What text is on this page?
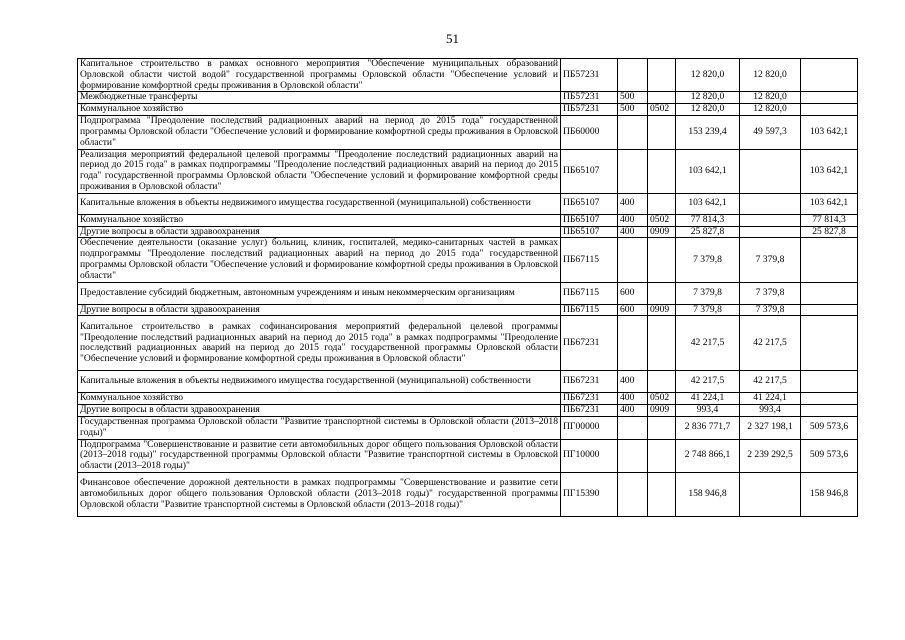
51
Капитальное строительство в рамках основного мероприятия "Обеспечение муниципальных образований Орловской области чистой водой" государственной программы Орловской области "Обеспечение условий и формирование комфортной среды проживания в Орловской области"	ПБ57231			12 820,0	12 820,0	
Межбюджетные трансферты	ПБ57231	500		12 820,0	12 820,0	
Коммунальное хозяйство	ПБ57231	500	0502	12 820,0	12 820,0	
Подпрограмма "Преодоление последствий радиационных аварий на период до 2015 года" государственной программы Орловской области "Обеспечение условий и формирование комфортной среды проживания в Орловской области"	ПБ60000			153 239,4	49 597,3	103 642,1
Реализация мероприятий федеральной целевой программы "Преодоление последствий радиационных аварий на период до 2015 года" в рамках подпрограммы "Преодоление последствий радиационных аварий на период до 2015 года" государственной программы Орловской области "Обеспечение условий и формирование комфортной среды проживания в Орловской области"	ПБ65107			103 642,1		103 642,1
Капитальные вложения в объекты недвижимого имущества государственной (муниципальной) собственности	ПБ65107	400		103 642,1		103 642,1
Коммунальное хозяйство	ПБ65107	400	0502	77 814,3		77 814,3
Другие вопросы в области здравоохранения	ПБ65107	400	0909	25 827,8		25 827,8
Обеспечение деятельности (оказание услуг) больниц, клиник, госпиталей, медико-санитарных частей в рамках подпрограммы "Преодоление последствий радиационных аварий на период до 2015 года" государственной программы Орловской области "Обеспечение условий и формирование комфортной среды проживания в Орловской области"	ПБ67115			7 379,8	7 379,8	
Предоставление субсидий бюджетным, автономным учреждениям и иным некоммерческим организациям	ПБ67115	600		7 379,8	7 379,8	
Другие вопросы в области здравоохранения	ПБ67115	600	0909	7 379,8	7 379,8	
Капитальное строительство в рамках софинансирования мероприятий федеральной целевой программы "Преодоление последствий радиационных аварий на период до 2015 года" в рамках подпрограммы "Преодоление последствий радиационных аварий на период до 2015 года" государственной программы Орловской области "Обеспечение условий и формирование комфортной среды проживания в Орловской области"	ПБ67231			42 217,5	42 217,5	
Капитальные вложения в объекты недвижимого имущества государственной (муниципальной) собственности	ПБ67231	400		42 217,5	42 217,5	
Коммунальное хозяйство	ПБ67231	400	0502	41 224,1	41 224,1	
Другие вопросы в области здравоохранения	ПБ67231	400	0909	993,4	993,4	
Государственная программа Орловской области "Развитие транспортной системы в Орловской области (2013–2018 годы)"	ПГ00000			2 836 771,7	2 327 198,1	509 573,6
Подпрограмма "Совершенствование и развитие сети автомобильных дорог общего пользования Орловской области (2013–2018 годы)" государственной программы Орловской области "Развитие транспортной системы в Орловской области (2013–2018 годы)"	ПГ10000			2 748 866,1	2 239 292,5	509 573,6
Финансовое обеспечение дорожной деятельности в рамках подпрограммы "Совершенствование и развитие сети автомобильных дорог общего пользования Орловской области (2013–2018 годы)" государственной программы Орловской области "Развитие транспортной системы в Орловской области (2013–2018 годы)"	ПГ15390			158 946,8		158 946,8
